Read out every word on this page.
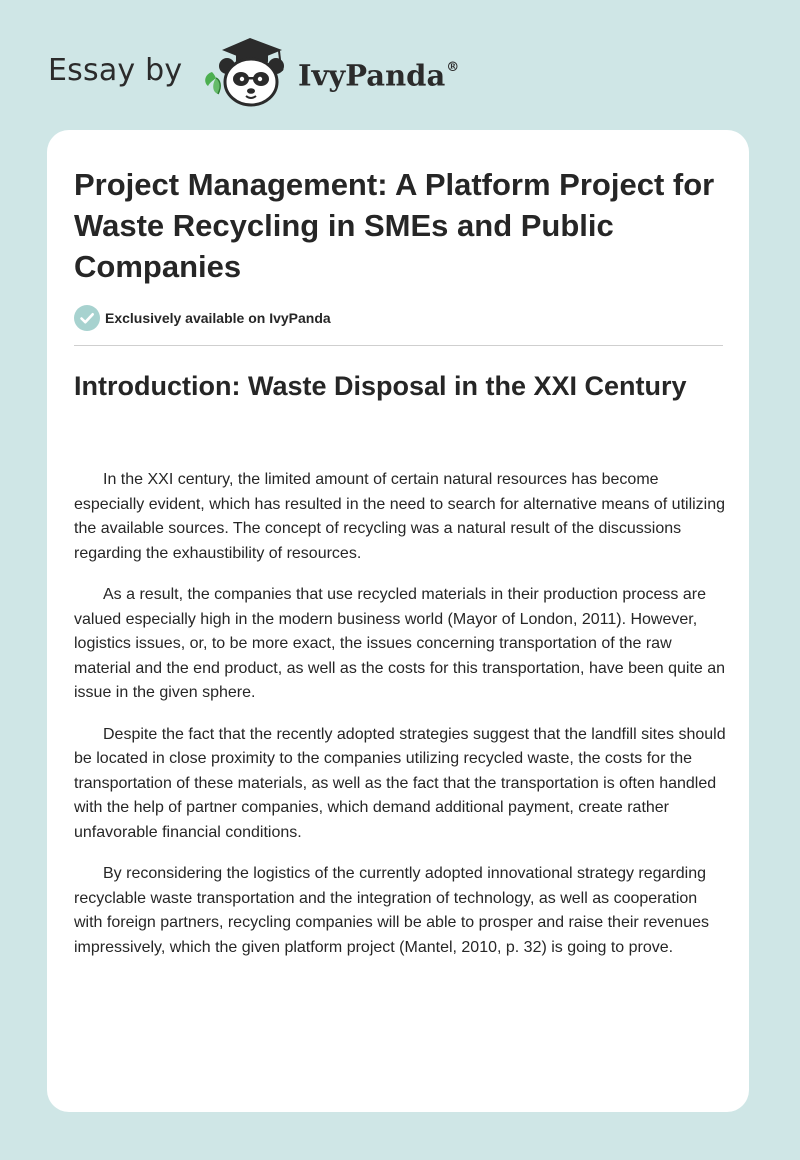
Essay by	IvyPanda®
Project Management: A Platform Project for Waste Recycling in SMEs and Public Companies
Exclusively available on IvyPanda
Introduction: Waste Disposal in the XXI Century

In the XXI century, the limited amount of certain natural resources has become especially evident, which has resulted in the need to search for alternative means of utilizing the available sources. The concept of recycling was a natural result of the discussions regarding the exhaustibility of resources.

As a result, the companies that use recycled materials in their production process are valued especially high in the modern business world (Mayor of London, 2011). However, logistics issues, or, to be more exact, the issues concerning transportation of the raw material and the end product, as well as the costs for this transportation, have been quite an issue in the given sphere.

Despite the fact that the recently adopted strategies suggest that the landfill sites should be located in close proximity to the companies utilizing recycled waste, the costs for the transportation of these materials, as well as the fact that the transportation is often handled with the help of partner companies, which demand additional payment, create rather unfavorable financial conditions.

By reconsidering the logistics of the currently adopted innovational strategy regarding recyclable waste transportation and the integration of technology, as well as cooperation with foreign partners, recycling companies will be able to prosper and raise their revenues impressively, which the given platform project (Mantel, 2010, p. 32) is going to prove.
